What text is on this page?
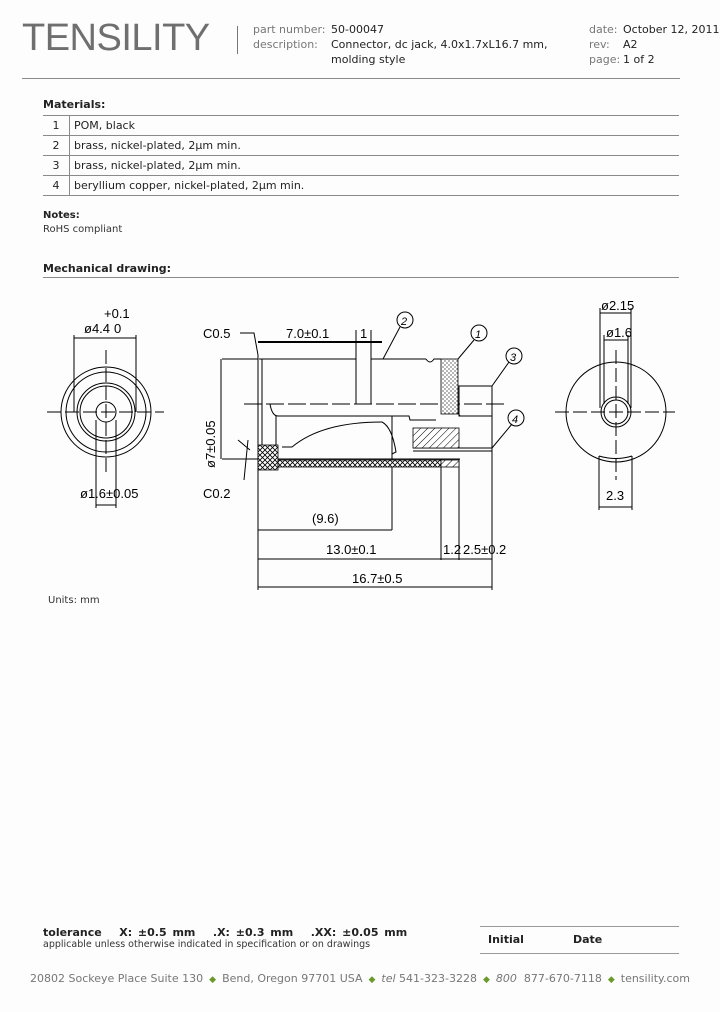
TENSILITY	part number: 50-00047
description: Connector, dc jack, 4.0x1.7xL16.7 mm,
molding style
date: October 12, 2011
rev: A2
page: 1 of 2
Materials:
1	POM, black
2	brass, nickel-plated, 2µm min.
3	brass, nickel-plated, 2µm min.
4	beryllium copper, nickel-plated, 2µm min.
Notes:
RoHS compliant
Mechanical drawing:
+0.1
ø4.4 0
ø1.6±0.05
C0.5	7.0±0.1 1
ø7±0.05
C0.2
(9.6)
13.0±0.1	1.2 2.5±0.2
16.7±0.5
2
1
3
4
ø2.15
ø1.6
2.3
Units: mm
tolerance X: ±0.5 mm .X: ±0.3 mm .XX: ±0.05 mm
applicable unless otherwise indicated in specification or on drawings	Initial	Date
20802 Sockeye Place Suite 130 ◆ Bend, Oregon 97701 USA ◆ tel 541-323-3228 ◆ 800 877-670-7118 ◆ tensility.com
